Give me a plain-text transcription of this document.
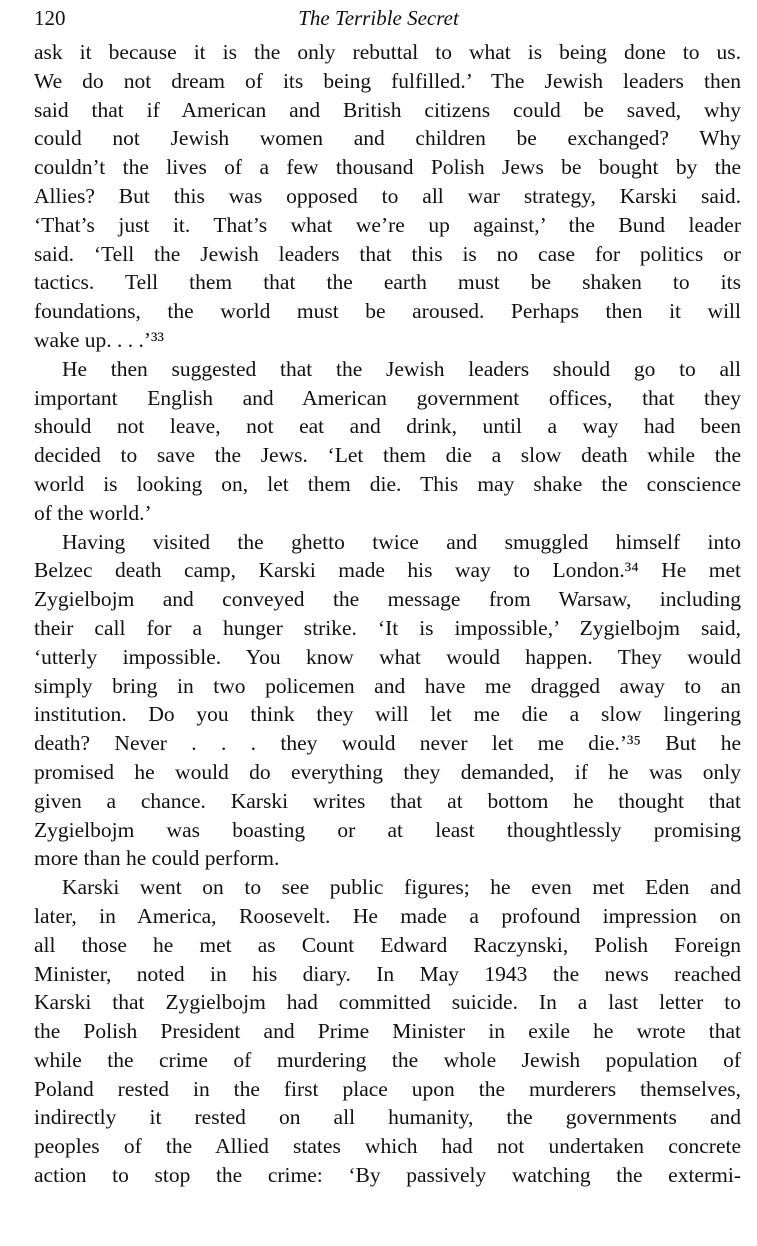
120	The Terrible Secret
ask it because it is the only rebuttal to what is being done to us.
We do not dream of its being fulfilled.’ The Jewish leaders then
said that if American and British citizens could be saved, why
could not Jewish women and children be exchanged? Why
couldn’t the lives of a few thousand Polish Jews be bought by the
Allies? But this was opposed to all war strategy, Karski said.
‘That’s just it. That’s what we’re up against,’ the Bund leader
said. ‘Tell the Jewish leaders that this is no case for politics or
tactics. Tell them that the earth must be shaken to its
foundations, the world must be aroused. Perhaps then it will
wake up. . . .’³³
He then suggested that the Jewish leaders should go to all
important English and American government offices, that they
should not leave, not eat and drink, until a way had been
decided to save the Jews. ‘Let them die a slow death while the
world is looking on, let them die. This may shake the conscience
of the world.’
Having visited the ghetto twice and smuggled himself into
Belzec death camp, Karski made his way to London.³⁴ He met
Zygielbojm and conveyed the message from Warsaw, including
their call for a hunger strike. ‘It is impossible,’ Zygielbojm said,
‘utterly impossible. You know what would happen. They would
simply bring in two policemen and have me dragged away to an
institution. Do you think they will let me die a slow lingering
death? Never . . . they would never let me die.’³⁵ But he
promised he would do everything they demanded, if he was only
given a chance. Karski writes that at bottom he thought that
Zygielbojm was boasting or at least thoughtlessly promising
more than he could perform.
Karski went on to see public figures; he even met Eden and
later, in America, Roosevelt. He made a profound impression on
all those he met as Count Edward Raczynski, Polish Foreign
Minister, noted in his diary. In May 1943 the news reached
Karski that Zygielbojm had committed suicide. In a last letter to
the Polish President and Prime Minister in exile he wrote that
while the crime of murdering the whole Jewish population of
Poland rested in the first place upon the murderers themselves,
indirectly it rested on all humanity, the governments and
peoples of the Allied states which had not undertaken concrete
action to stop the crime: ‘By passively watching the extermi-
